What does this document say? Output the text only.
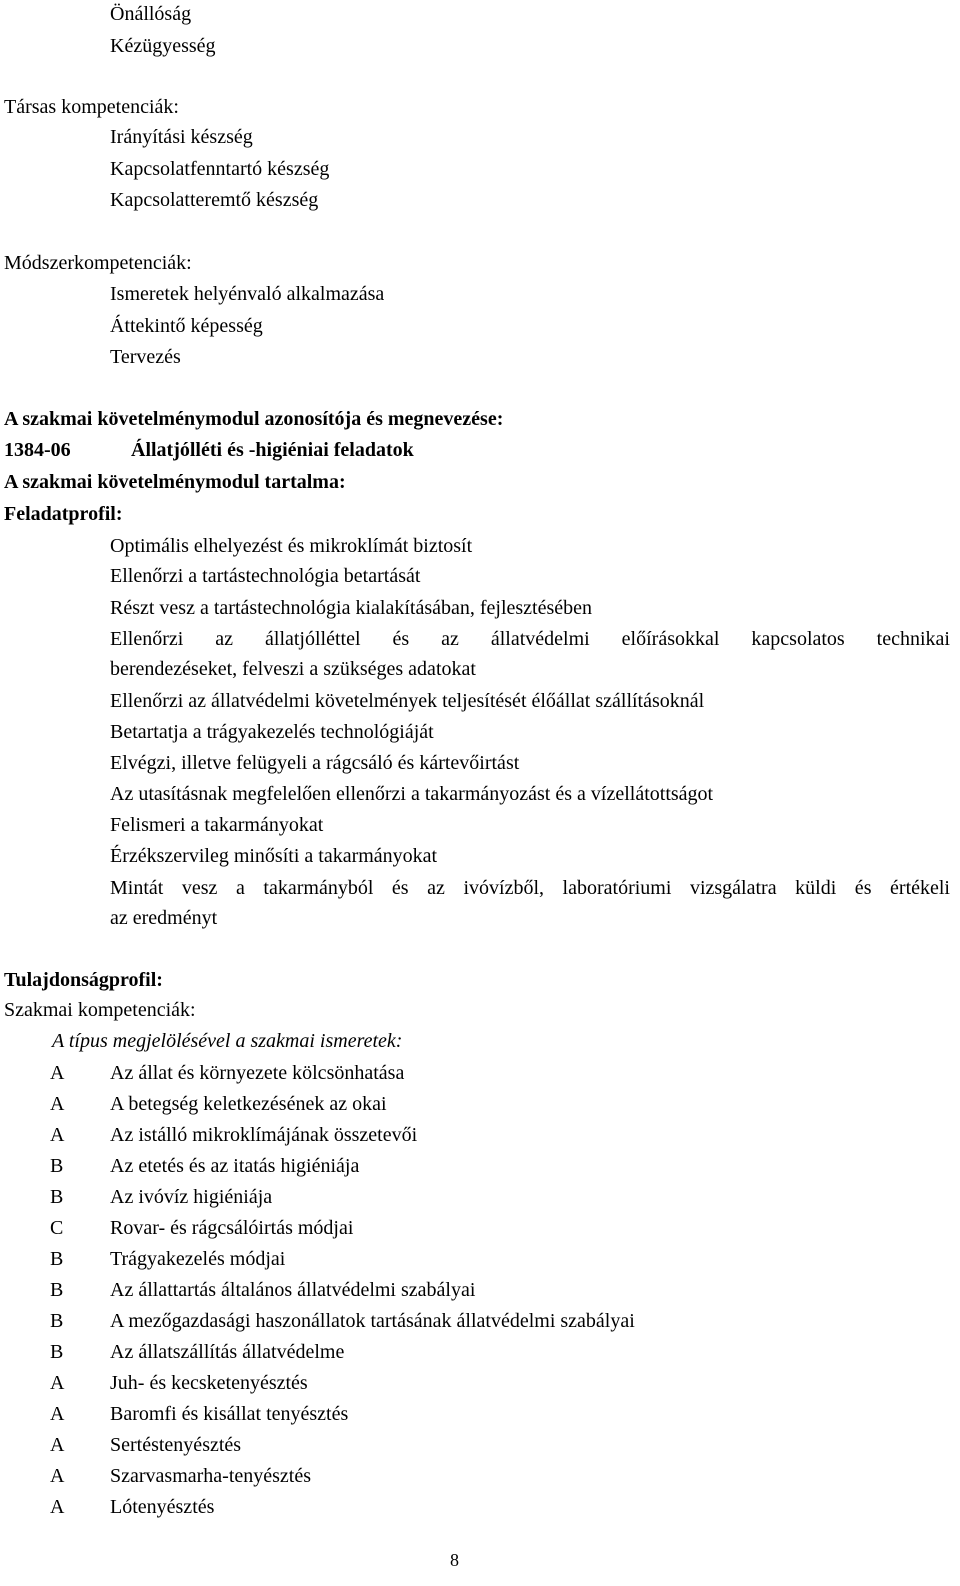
Önállóság
Kézügyesség
Társas kompetenciák:
Irányítási készség
Kapcsolatfenntartó készség
Kapcsolatteremtő készség
Módszerkompetenciák:
Ismeretek helyénvaló alkalmazása
Áttekintő képesség
Tervezés
A szakmai követelménymodul azonosítója és megnevezése:
1384-06	Állatjólléti és -higiéniai feladatok
A szakmai követelménymodul tartalma:
Feladatprofil:
Optimális elhelyezést és mikroklímát biztosít
Ellenőrzi a tartástechnológia betartását
Részt vesz a tartástechnológia kialakításában, fejlesztésében
Ellenőrzi az állatjólléttel és az állatvédelmi előírásokkal kapcsolatos technikai
berendezéseket, felveszi a szükséges adatokat
Ellenőrzi az állatvédelmi követelmények teljesítését élőállat szállításoknál
Betartatja a trágyakezelés technológiáját
Elvégzi, illetve felügyeli a rágcsáló és kártevőirtást
Az utasításnak megfelelően ellenőrzi a takarmányozást és a vízellátottságot
Felismeri a takarmányokat
Érzékszervileg minősíti a takarmányokat
Mintát vesz a takarmányból és az ivóvízből, laboratóriumi vizsgálatra küldi és értékeli
az eredményt
Tulajdonságprofil:
Szakmai kompetenciák:
A típus megjelölésével a szakmai ismeretek:
A Az állat és környezete kölcsönhatása
A A betegség keletkezésének az okai
A Az istálló mikroklímájának összetevői
B Az etetés és az itatás higiéniája
B Az ivóvíz higiéniája
C Rovar- és rágcsálóirtás módjai
B Trágyakezelés módjai
B Az állattartás általános állatvédelmi szabályai
B A mezőgazdasági haszonállatok tartásának állatvédelmi szabályai
B Az állatszállítás állatvédelme
A Juh- és kecsketenyésztés
A Baromfi és kisállat tenyésztés
A Sertéstenyésztés
A Szarvasmarha-tenyésztés
A Lótenyésztés
8
